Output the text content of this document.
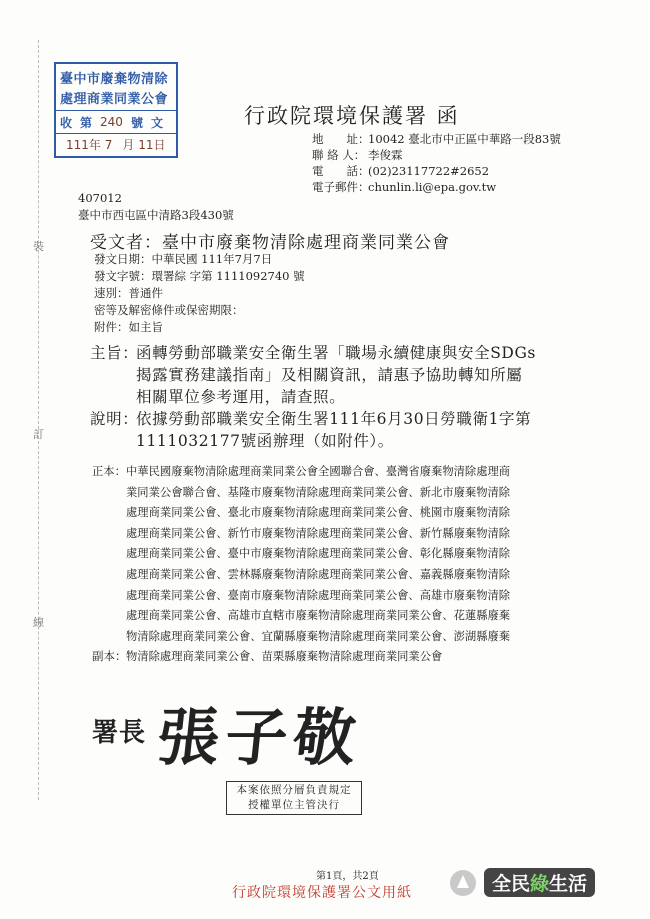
裝
訂
線
臺中市廢棄物清除
處理商業同業公會
收 第 240 號 文
111年 7月 11日
行政院環境保護署 函
地　　址：10042 臺北市中正區中華路一段83號
聯 絡 人： 李俊霖
電　　話：(02)23117722#2652
電子郵件：chunlin.li@epa.gov.tw
407012
臺中市西屯區中清路3段430號
受文者：臺中市廢棄物清除處理商業同業公會
發文日期：中華民國 111年7月7日
發文字號：環署綜 字第 1111092740 號
速別：普通件
密等及解密條件或保密期限：
附件：如主旨
主旨：
函轉勞動部職業安全衛生署「職場永續健康與安全SDGs
揭露實務建議指南」及相關資訊，請惠予協助轉知所屬
相關單位參考運用，請查照。
說明：
依據勞動部職業安全衛生署111年6月30日勞職衛1字第
1111032177號函辦理（如附件）。
正本： 中華民國廢棄物清除處理商業同業公會全國聯合會、臺灣省廢棄物清除處理商
業同業公會聯合會、基隆市廢棄物清除處理商業同業公會、新北市廢棄物清除
處理商業同業公會、臺北市廢棄物清除處理商業同業公會、桃園市廢棄物清除
處理商業同業公會、新竹市廢棄物清除處理商業同業公會、新竹縣廢棄物清除
處理商業同業公會、臺中市廢棄物清除處理商業同業公會、彰化縣廢棄物清除
處理商業同業公會、雲林縣廢棄物清除處理商業同業公會、嘉義縣廢棄物清除
處理商業同業公會、臺南市廢棄物清除處理商業同業公會、高雄市廢棄物清除
處理商業同業公會、高雄市直轄市廢棄物清除處理商業同業公會、花蓮縣廢棄
物清除處理商業同業公會、宜蘭縣廢棄物清除處理商業同業公會、澎湖縣廢棄
物清除處理商業同業公會、苗栗縣廢棄物清除處理商業同業公會
副本：
署長 張子敬
本案依照分層負責規定
授權單位主管決行
第1頁，共2頁
行政院環境保護署公文用紙	全民綠生活
